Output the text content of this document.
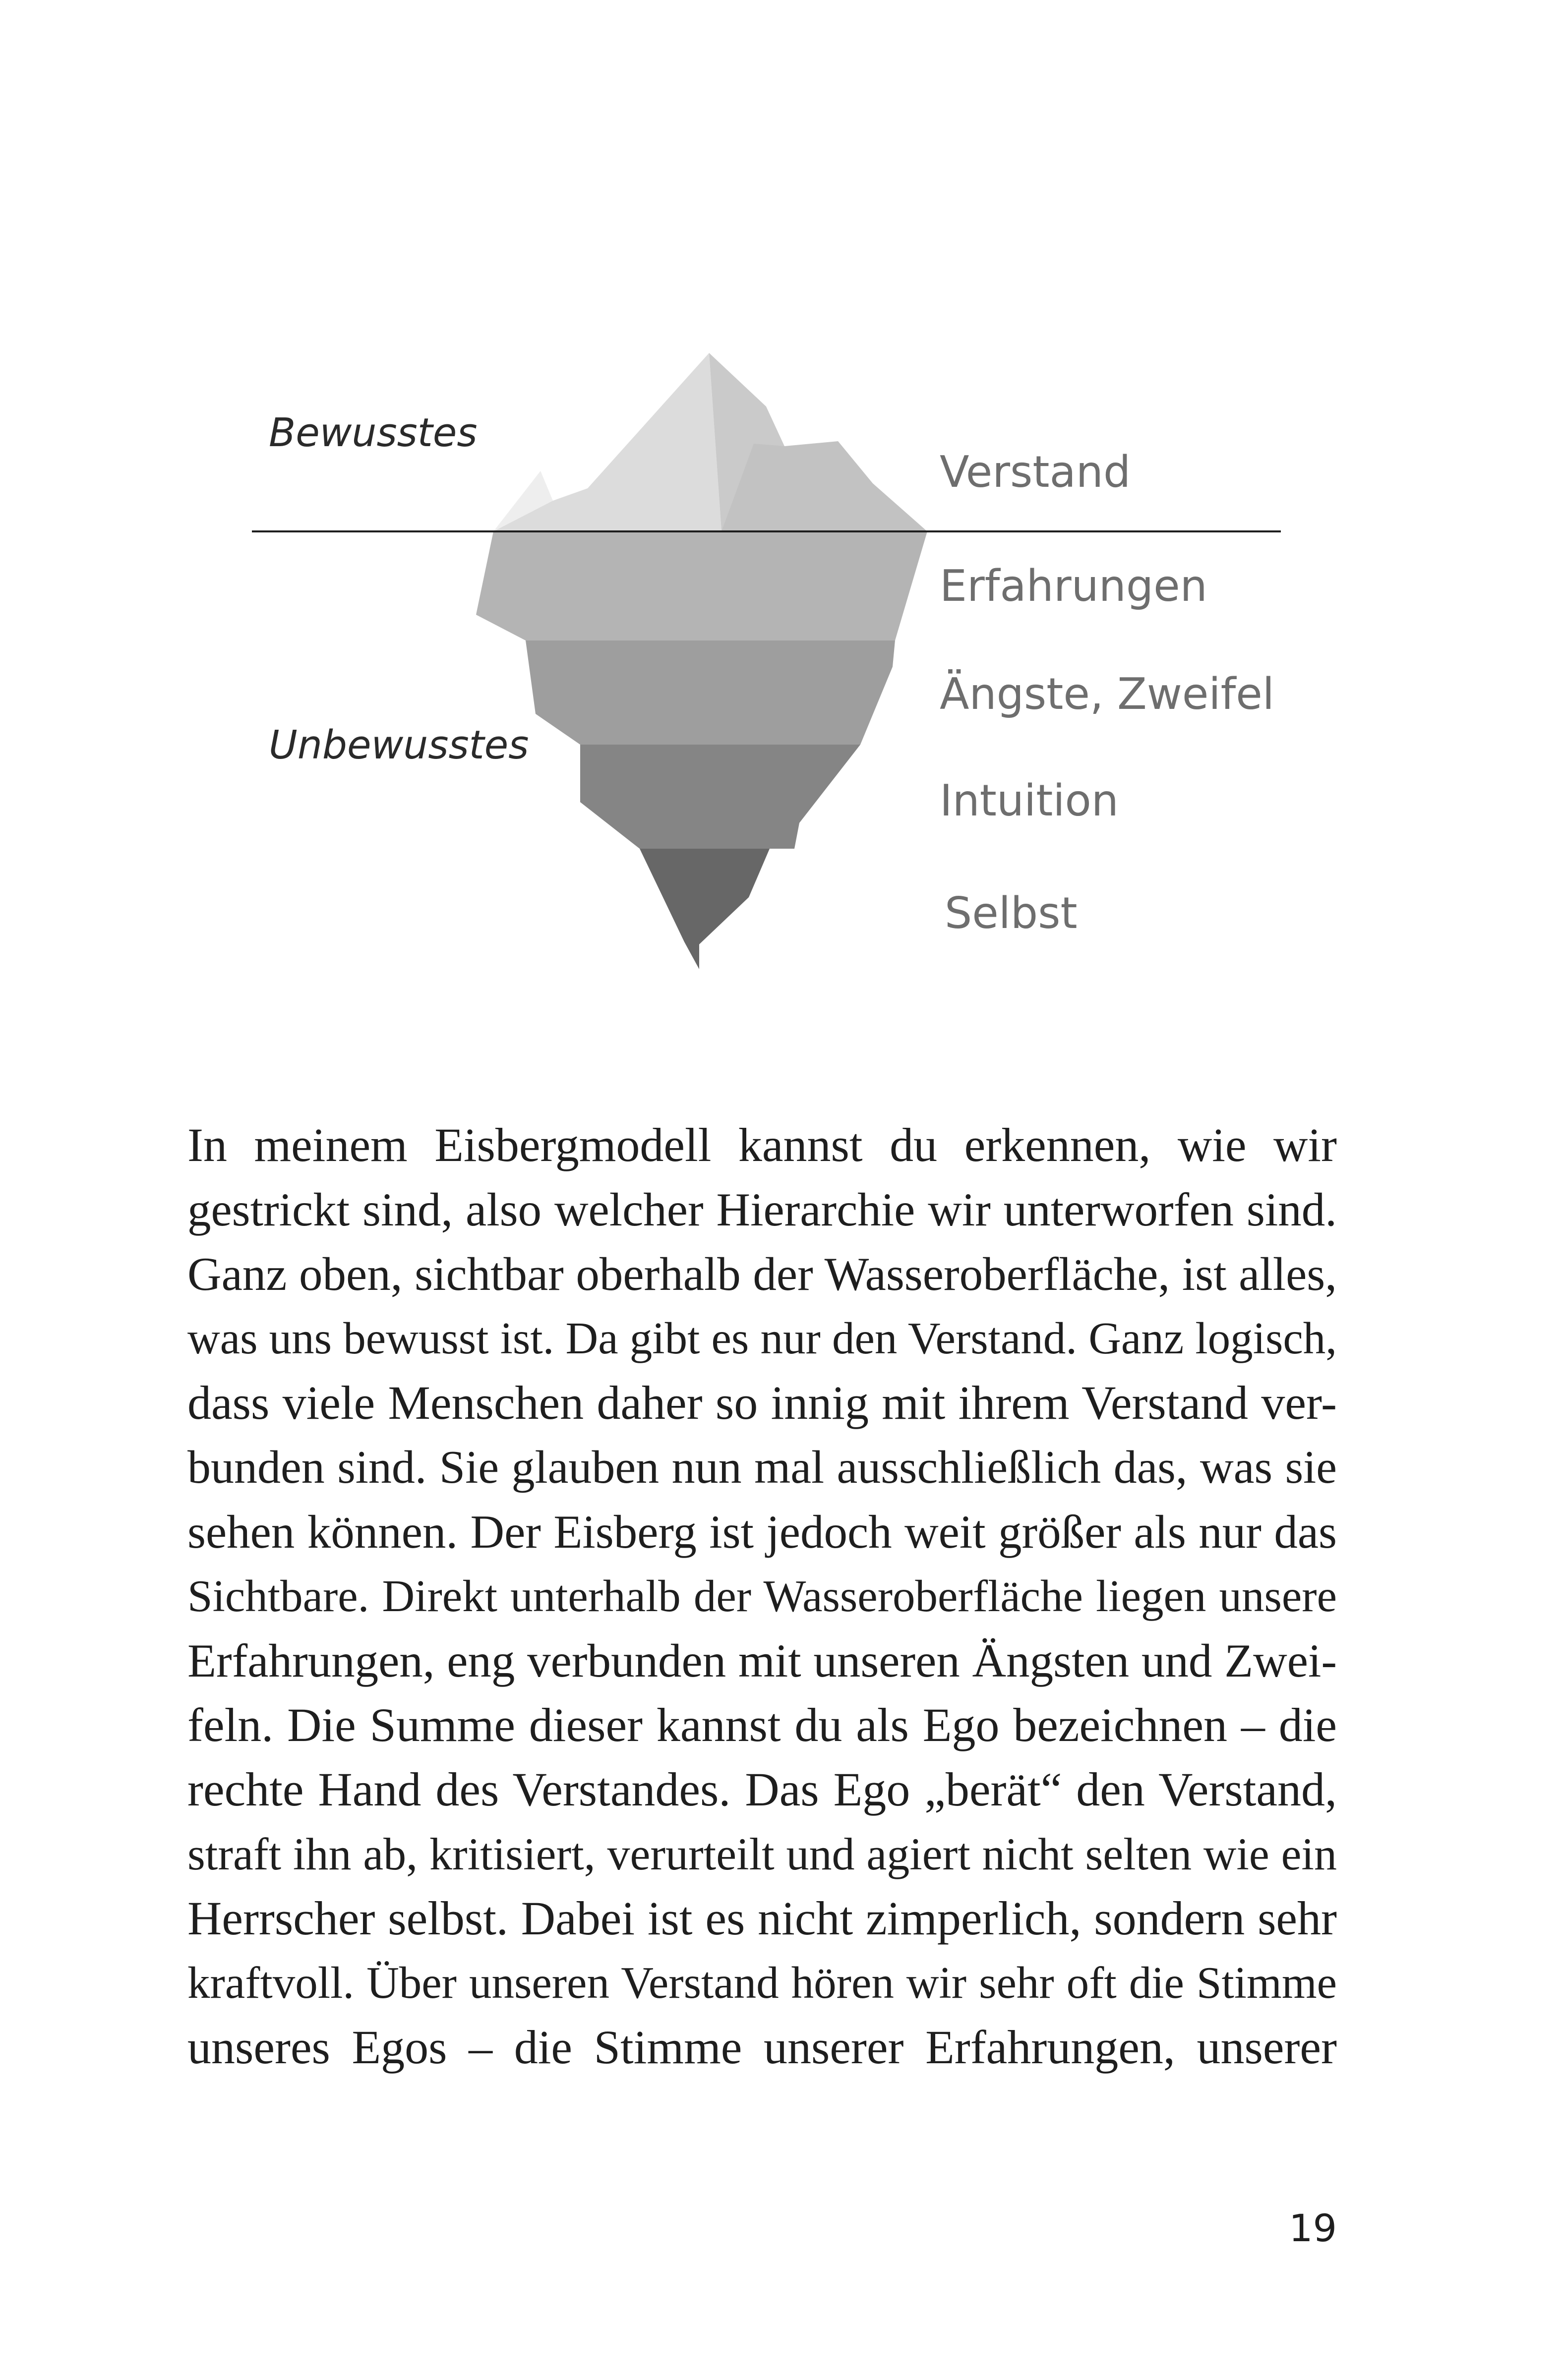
Bewusstes
Unbewusstes
Verstand
Erfahrungen
Ängste, Zweifel
Intuition
Selbst
In meinem Eisbergmodell kannst du erkennen, wie wir
gestrickt sind, also welcher Hierarchie wir unterworfen sind.
Ganz oben, sichtbar oberhalb der Wasseroberfläche, ist alles,
was uns bewusst ist. Da gibt es nur den Verstand. Ganz logisch,
dass viele Menschen daher so innig mit ihrem Verstand ver-
bunden sind. Sie glauben nun mal ausschließlich das, was sie
sehen können. Der Eisberg ist jedoch weit größer als nur das
Sichtbare. Direkt unterhalb der Wasseroberfläche liegen unsere
Erfahrungen, eng verbunden mit unseren Ängsten und Zwei-
feln. Die Summe dieser kannst du als Ego bezeichnen – die
rechte Hand des Verstandes. Das Ego „berät“ den Verstand,
straft ihn ab, kritisiert, verurteilt und agiert nicht selten wie ein
Herrscher selbst. Dabei ist es nicht zimperlich, sondern sehr
kraftvoll. Über unseren Verstand hören wir sehr oft die Stimme
unseres Egos – die Stimme unserer Erfahrungen, unserer
19
